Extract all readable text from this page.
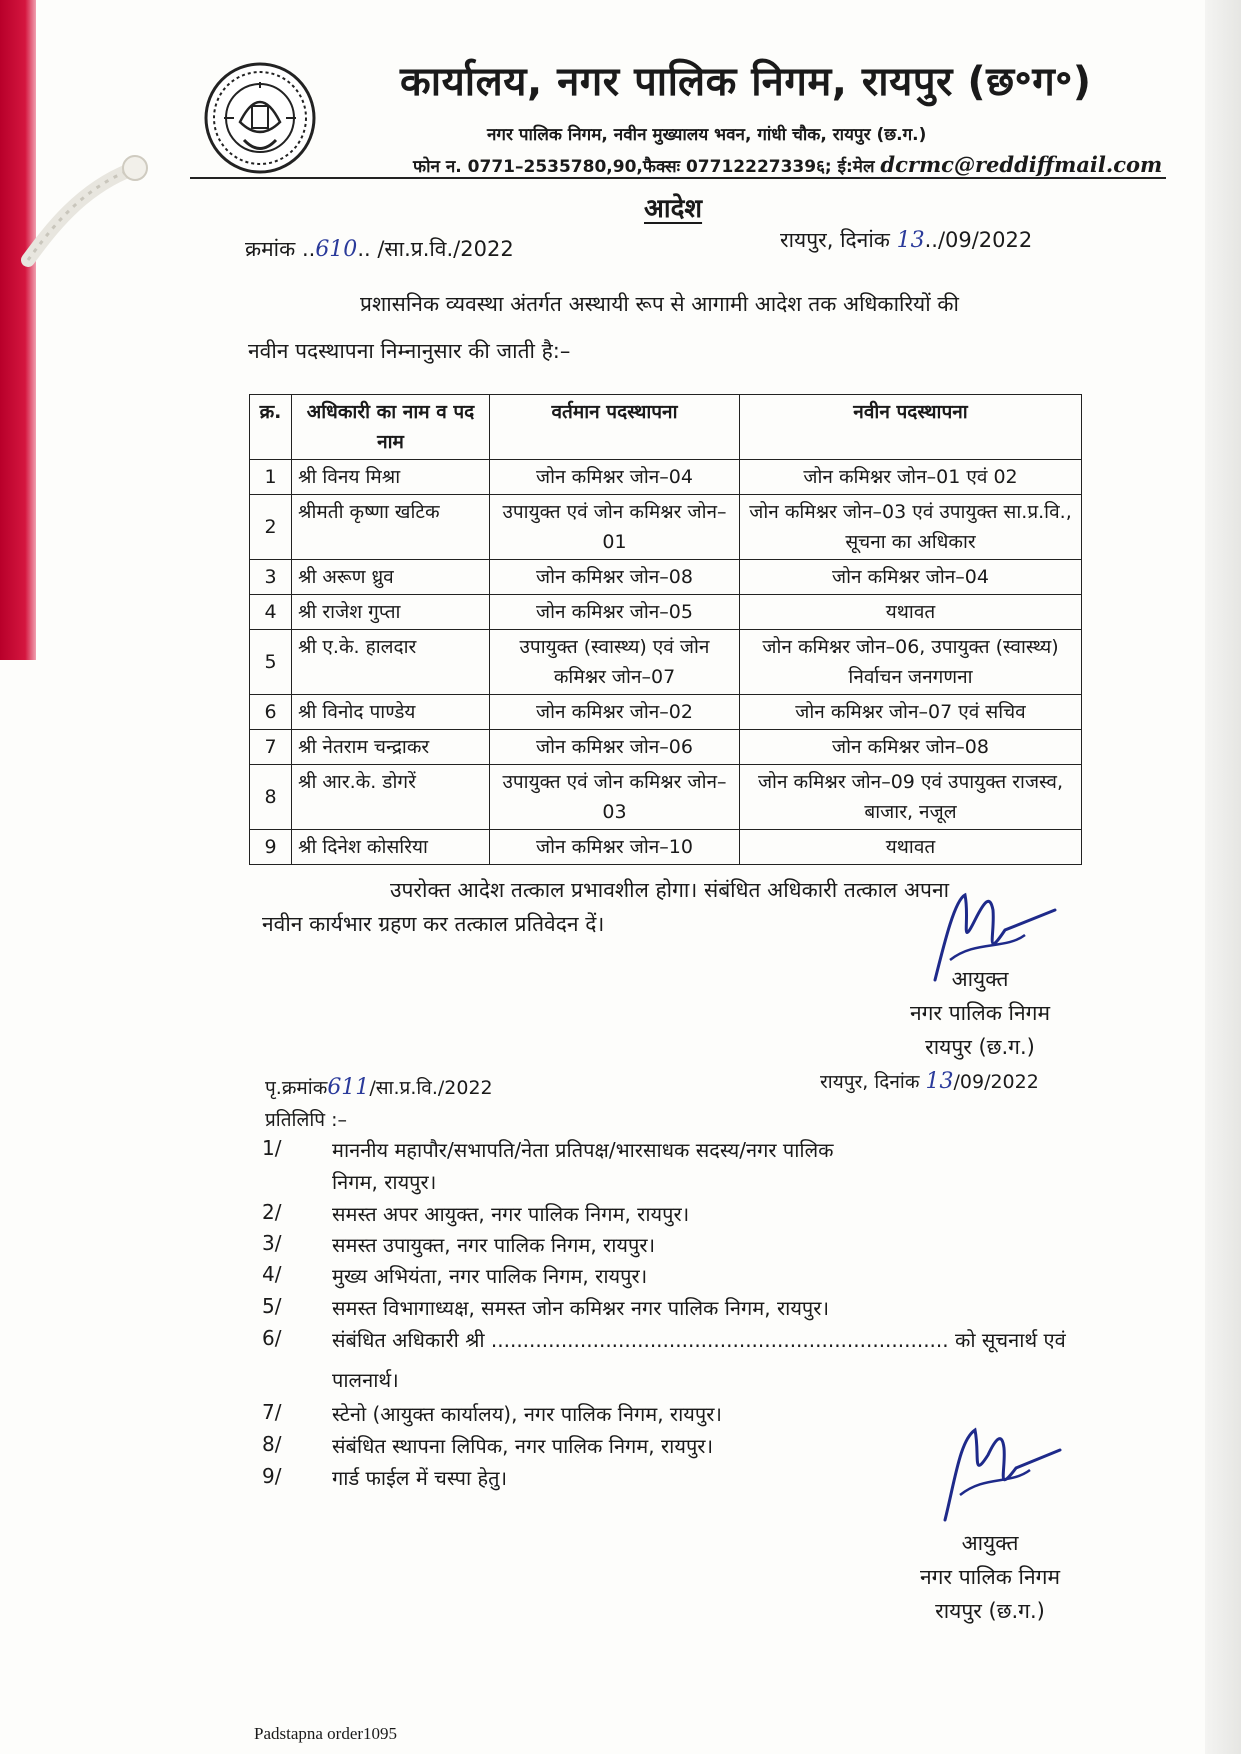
कार्यालय, नगर पालिक निगम, रायपुर (छ॰ग॰)
नगर पालिक निगम, नवीन मुख्यालय भवन, गांधी चौक, रायपुर (छ.ग.)
फोन न. 0771–2535780,90,फैक्सः 07712227339६; ई:मेल dcrmc@reddiffmail.com
आदेश
क्रमांक ..610.. /सा.प्र.वि./2022	रायपुर, दिनांक 13../09/2022
प्रशासनिक व्यवस्था अंतर्गत अस्थायी रूप से आगामी आदेश तक अधिकारियों की
नवीन पदस्थापना निम्नानुसार की जाती है:–
क्र.	अधिकारी का नाम व पद नाम	वर्तमान पदस्थापना	नवीन पदस्थापना
1	श्री विनय मिश्रा	जोन कमिश्नर जोन–04	जोन कमिश्नर जोन–01 एवं 02
2	श्रीमती कृष्णा खटिक	उपायुक्त एवं जोन कमिश्नर जोन–01	जोन कमिश्नर जोन–03 एवं उपायुक्त सा.प्र.वि., सूचना का अधिकार
3	श्री अरूण ध्रुव	जोन कमिश्नर जोन–08	जोन कमिश्नर जोन–04
4	श्री राजेश गुप्ता	जोन कमिश्नर जोन–05	यथावत
5	श्री ए.के. हालदार	उपायुक्त (स्वास्थ्य) एवं जोन कमिश्नर जोन–07	जोन कमिश्नर जोन–06, उपायुक्त (स्वास्थ्य) निर्वाचन जनगणना
6	श्री विनोद पाण्डेय	जोन कमिश्नर जोन–02	जोन कमिश्नर जोन–07 एवं सचिव
7	श्री नेतराम चन्द्राकर	जोन कमिश्नर जोन–06	जोन कमिश्नर जोन–08
8	श्री आर.के. डोगरें	उपायुक्त एवं जोन कमिश्नर जोन–03	जोन कमिश्नर जोन–09 एवं उपायुक्त राजस्व, बाजार, नजूल
9	श्री दिनेश कोसरिया	जोन कमिश्नर जोन–10	यथावत
उपरोक्त आदेश तत्काल प्रभावशील होगा। संबंधित अधिकारी तत्काल अपना
नवीन कार्यभार ग्रहण कर तत्काल प्रतिवेदन दें।
आयुक्त
नगर पालिक निगम
रायपुर (छ.ग.)
पृ.क्रमांक611/सा.प्र.वि./2022	रायपुर, दिनांक 13/09/2022
प्रतिलिपि :–
1/	माननीय महापौर/सभापति/नेता प्रतिपक्ष/भारसाधक सदस्य/नगर पालिक
निगम, रायपुर।
2/	समस्त अपर आयुक्त, नगर पालिक निगम, रायपुर।
3/	समस्त उपायुक्त, नगर पालिक निगम, रायपुर।
4/	मुख्य अभियंता, नगर पालिक निगम, रायपुर।
5/	समस्त विभागाध्यक्ष, समस्त जोन कमिश्नर नगर पालिक निगम, रायपुर।
6/	संबंधित अधिकारी श्री ........................................................................ को सूचनार्थ एवं
पालनार्थ।
7/	स्टेनो (आयुक्त कार्यालय), नगर पालिक निगम, रायपुर।
8/	संबंधित स्थापना लिपिक, नगर पालिक निगम, रायपुर।
9/	गार्ड फाईल में चस्पा हेतु।
आयुक्त
नगर पालिक निगम
रायपुर (छ.ग.)
Padstapna order1095
